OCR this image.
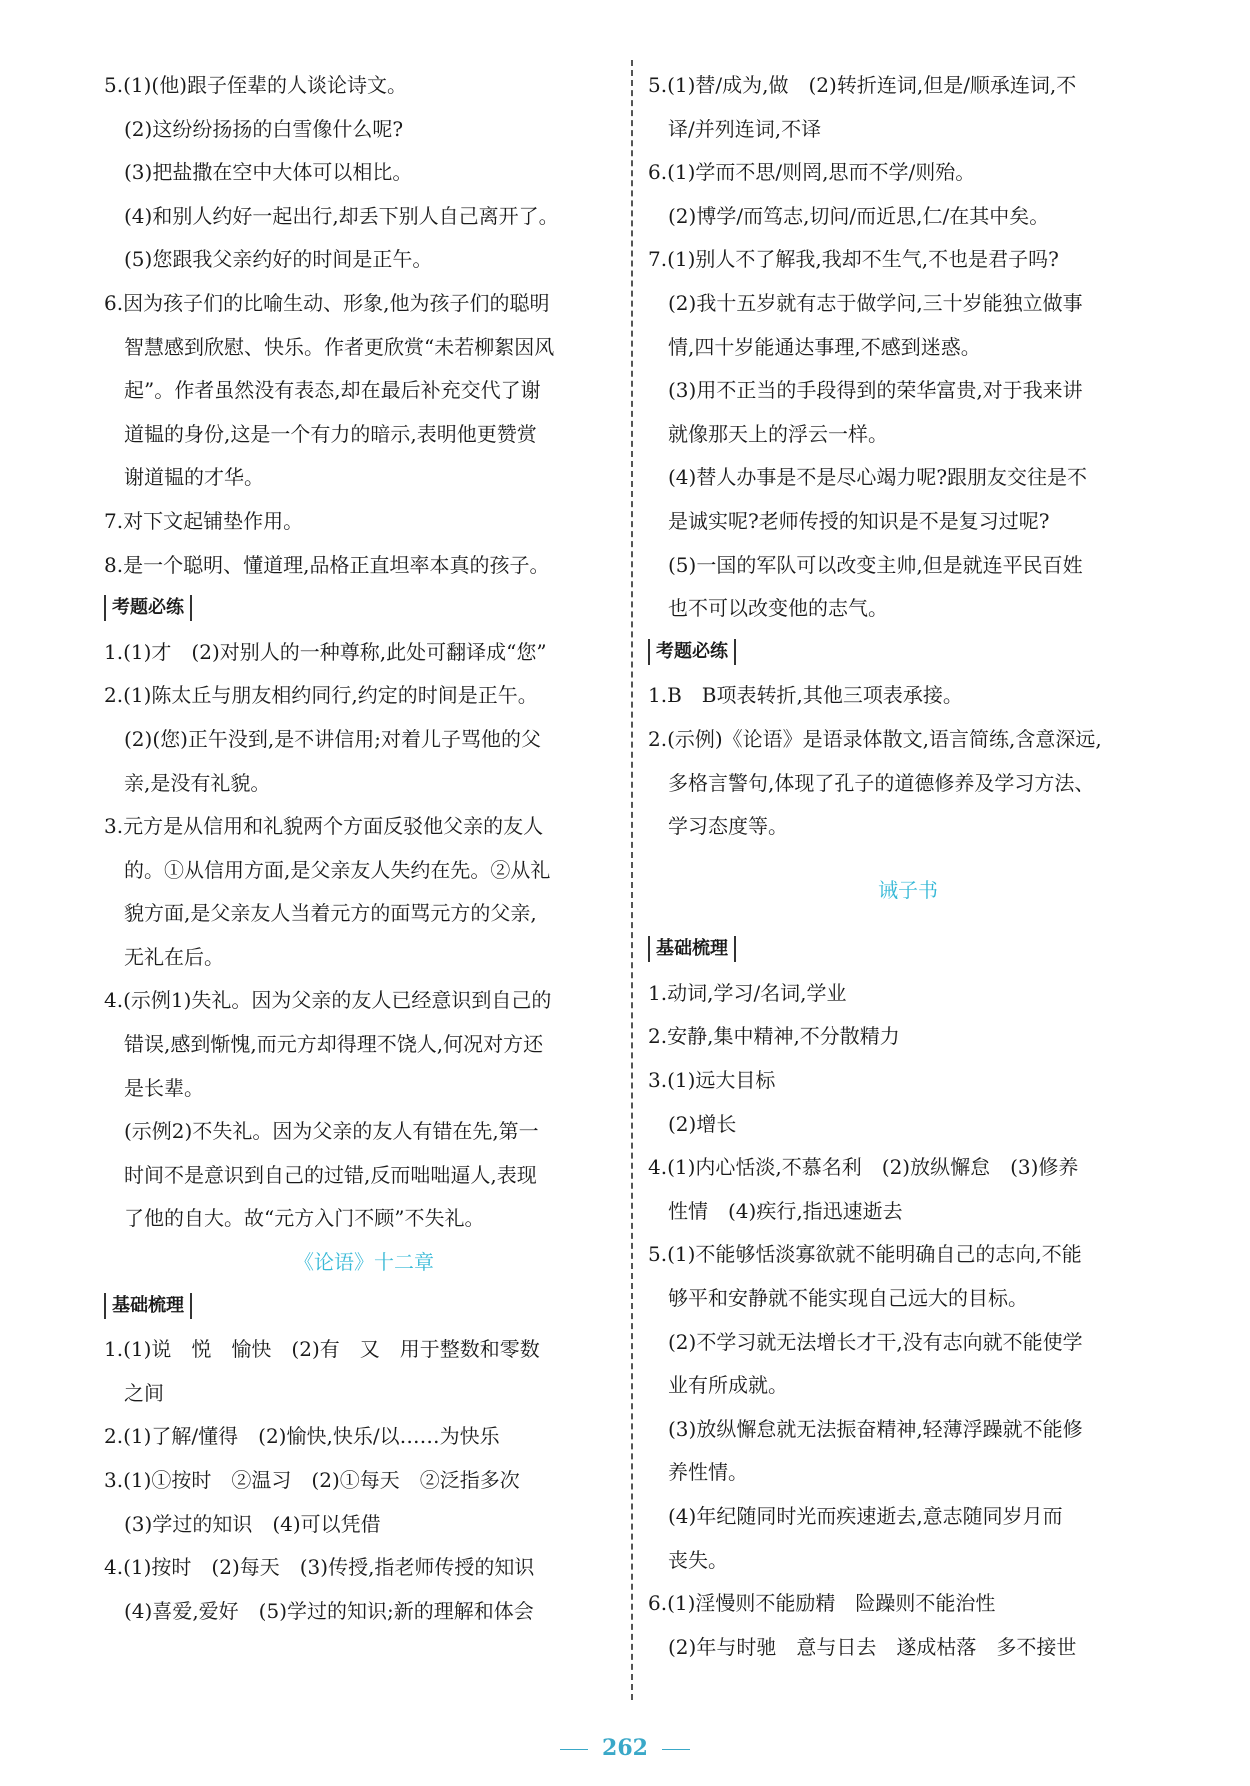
5.(1)(他)跟子侄辈的人谈论诗文。
(2)这纷纷扬扬的白雪像什么呢?
(3)把盐撒在空中大体可以相比。
(4)和别人约好一起出行,却丢下别人自己离开了。
(5)您跟我父亲约好的时间是正午。
6.因为孩子们的比喻生动、形象,他为孩子们的聪明
智慧感到欣慰、快乐。作者更欣赏“未若柳絮因风
起”。作者虽然没有表态,却在最后补充交代了谢
道韫的身份,这是一个有力的暗示,表明他更赞赏
谢道韫的才华。
7.对下文起铺垫作用。
8.是一个聪明、懂道理,品格正直坦率本真的孩子。
考题必练
1.(1)才　(2)对别人的一种尊称,此处可翻译成“您”
2.(1)陈太丘与朋友相约同行,约定的时间是正午。
(2)(您)正午没到,是不讲信用;对着儿子骂他的父
亲,是没有礼貌。
3.元方是从信用和礼貌两个方面反驳他父亲的友人
的。①从信用方面,是父亲友人失约在先。②从礼
貌方面,是父亲友人当着元方的面骂元方的父亲,
无礼在后。
4.(示例1)失礼。因为父亲的友人已经意识到自己的
错误,感到惭愧,而元方却得理不饶人,何况对方还
是长辈。
(示例2)不失礼。因为父亲的友人有错在先,第一
时间不是意识到自己的过错,反而咄咄逼人,表现
了他的自大。故“元方入门不顾”不失礼。
《论语》十二章
基础梳理
1.(1)说　悦　愉快　(2)有　又　用于整数和零数
之间
2.(1)了解/懂得　(2)愉快,快乐/以……为快乐
3.(1)①按时　②温习　(2)①每天　②泛指多次
(3)学过的知识　(4)可以凭借
4.(1)按时　(2)每天　(3)传授,指老师传授的知识
(4)喜爱,爱好　(5)学过的知识;新的理解和体会
5.(1)替/成为,做　(2)转折连词,但是/顺承连词,不
译/并列连词,不译
6.(1)学而不思/则罔,思而不学/则殆。
(2)博学/而笃志,切问/而近思,仁/在其中矣。
7.(1)别人不了解我,我却不生气,不也是君子吗?
(2)我十五岁就有志于做学问,三十岁能独立做事
情,四十岁能通达事理,不感到迷惑。
(3)用不正当的手段得到的荣华富贵,对于我来讲
就像那天上的浮云一样。
(4)替人办事是不是尽心竭力呢?跟朋友交往是不
是诚实呢?老师传授的知识是不是复习过呢?
(5)一国的军队可以改变主帅,但是就连平民百姓
也不可以改变他的志气。
考题必练
1.B　B项表转折,其他三项表承接。
2.(示例)《论语》是语录体散文,语言简练,含意深远,
多格言警句,体现了孔子的道德修养及学习方法、
学习态度等。
诫子书
基础梳理
1.动词,学习/名词,学业
2.安静,集中精神,不分散精力
3.(1)远大目标
(2)增长
4.(1)内心恬淡,不慕名利　(2)放纵懈怠　(3)修养
性情　(4)疾行,指迅速逝去
5.(1)不能够恬淡寡欲就不能明确自己的志向,不能
够平和安静就不能实现自己远大的目标。
(2)不学习就无法增长才干,没有志向就不能使学
业有所成就。
(3)放纵懈怠就无法振奋精神,轻薄浮躁就不能修
养性情。
(4)年纪随同时光而疾速逝去,意志随同岁月而
丧失。
6.(1)淫慢则不能励精　险躁则不能治性
(2)年与时驰　意与日去　遂成枯落　多不接世
262
